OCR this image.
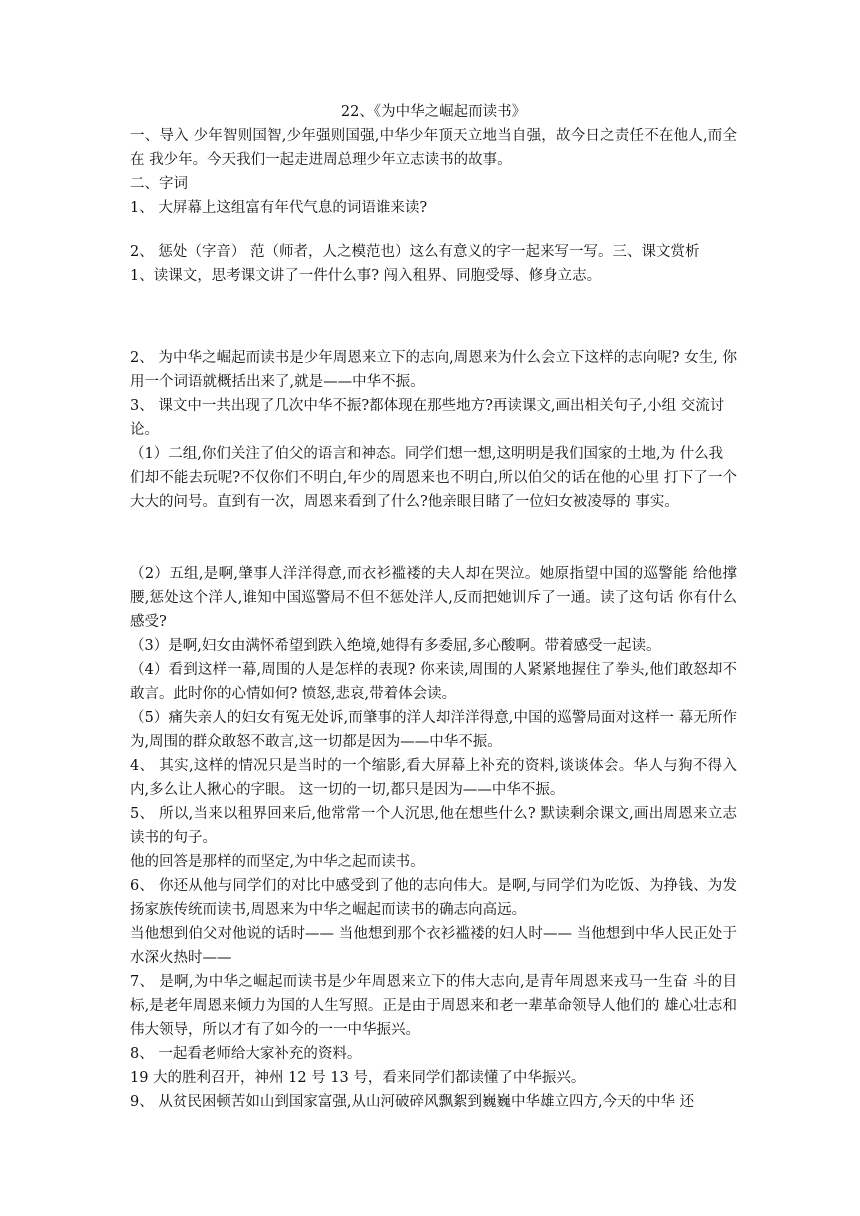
22、《为中华之崛起而读书》

一、导入 少年智则国智,少年强则国强,中华少年顶天立地当自强，故今日之责任不在他人,而全在 我少年。今天我们一起走进周总理少年立志读书的故事。

二、字词

1、 大屏幕上这组富有年代气息的词语谁来读?

2、 惩处（字音） 范（师者，人之模范也）这么有意义的字一起来写一写。三、课文赏析

1、读课文，思考课文讲了一件什么事? 闯入租界、同胞受辱、修身立志。

2、 为中华之崛起而读书是少年周恩来立下的志向,周恩来为什么会立下这样的志向呢? 女生, 你用一个词语就概括出来了,就是——中华不振。

3、 课文中一共出现了几次中华不振?都体现在那些地方?再读课文,画出相关句子,小组 交流讨

论。

（1）二组,你们关注了伯父的语言和神态。同学们想一想,这明明是我们国家的土地,为 什么我

们却不能去玩呢?不仅你们不明白,年少的周恩来也不明白,所以伯父的话在他的心里 打下了一个大大的问号。直到有一次，周恩来看到了什么?他亲眼目睹了一位妇女被凌辱的 事实。

（2）五组,是啊,肇事人洋洋得意,而衣衫褴褛的夫人却在哭泣。她原指望中国的巡警能 给他撑腰,惩处这个洋人,谁知中国巡警局不但不惩处洋人,反而把她训斥了一通。读了这句话 你有什么感受?

（3）是啊,妇女由满怀希望到跌入绝境,她得有多委屈,多心酸啊。带着感受一起读。

（4）看到这样一幕,周围的人是怎样的表现? 你来读,周围的人紧紧地握住了拳头,他们敢怒却不敢言。此时你的心情如何? 愤怒,悲哀,带着体会读。

（5）痛失亲人的妇女有冤无处诉,而肇事的洋人却洋洋得意,中国的巡警局面对这样一 幕无所作为,周围的群众敢怒不敢言,这一切都是因为——中华不振。

4、 其实,这样的情况只是当时的一个缩影,看大屏幕上补充的资料,谈谈体会。华人与狗不得入内,多么让人揪心的字眼。 这一切的一切,都只是因为——中华不振。

5、 所以,当来以租界回来后,他常常一个人沉思,他在想些什么? 默读剩余课文,画出周恩来立志读书的句子。

他的回答是那样的而坚定,为中华之起而读书。

6、 你还从他与同学们的对比中感受到了他的志向伟大。是啊,与同学们为吃饭、为挣钱、为发扬家族传统而读书,周恩来为中华之崛起而读书的确志向高远。

当他想到伯父对他说的话时—— 当他想到那个衣衫褴褛的妇人时—— 当他想到中华人民正处于水深火热时——

7、 是啊,为中华之崛起而读书是少年周恩来立下的伟大志向,是青年周恩来戎马一生奋 斗的目标,是老年周恩来倾力为国的人生写照。正是由于周恩来和老一辈革命领导人他们的 雄心壮志和伟大领导，所以才有了如今的一一中华振兴。

8、 一起看老师给大家补充的资料。

19 大的胜利召开，神州 12 号 13 号，看来同学们都读懂了中华振兴。

9、 从贫民困顿苦如山到国家富强,从山河破碎风飘絮到巍巍中华雄立四方,今天的中华 还
